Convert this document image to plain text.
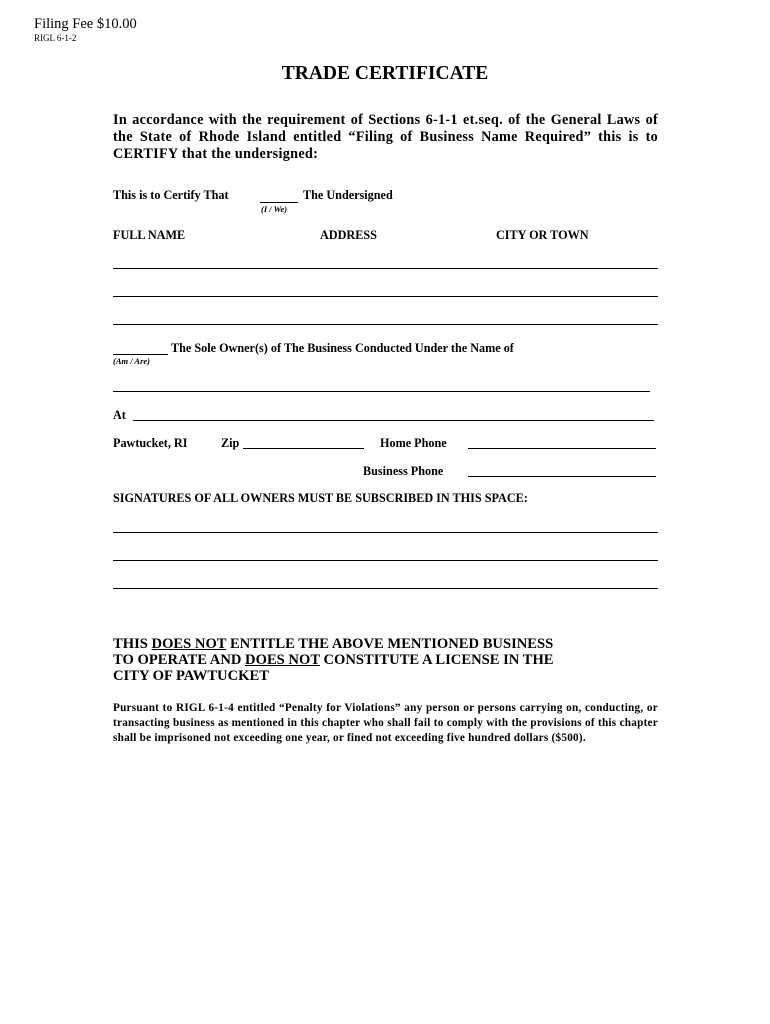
Filing Fee $10.00
RIGL 6-1-2
TRADE CERTIFICATE
In accordance with the requirement of Sections 6-1-1 et.seq. of the General Laws of the State of Rhode Island entitled “Filing of Business Name Required” this is to CERTIFY that the undersigned:
This is to Certify That	The Undersigned
(I / We)
FULL NAME	ADDRESS	CITY OR TOWN
The Sole Owner(s) of The Business Conducted Under the Name of
(Am / Are)
At
Pawtucket, RI	Zip	Home Phone
Business Phone
SIGNATURES OF ALL OWNERS MUST BE SUBSCRIBED IN THIS SPACE:
THIS DOES NOT ENTITLE THE ABOVE MENTIONED BUSINESS
TO OPERATE AND DOES NOT CONSTITUTE A LICENSE IN THE
CITY OF PAWTUCKET
Pursuant to RIGL 6-1-4 entitled “Penalty for Violations” any person or persons carrying on, conducting, or transacting business as mentioned in this chapter who shall fail to comply with the provisions of this chapter shall be imprisoned not exceeding one year, or fined not exceeding five hundred dollars ($500).
